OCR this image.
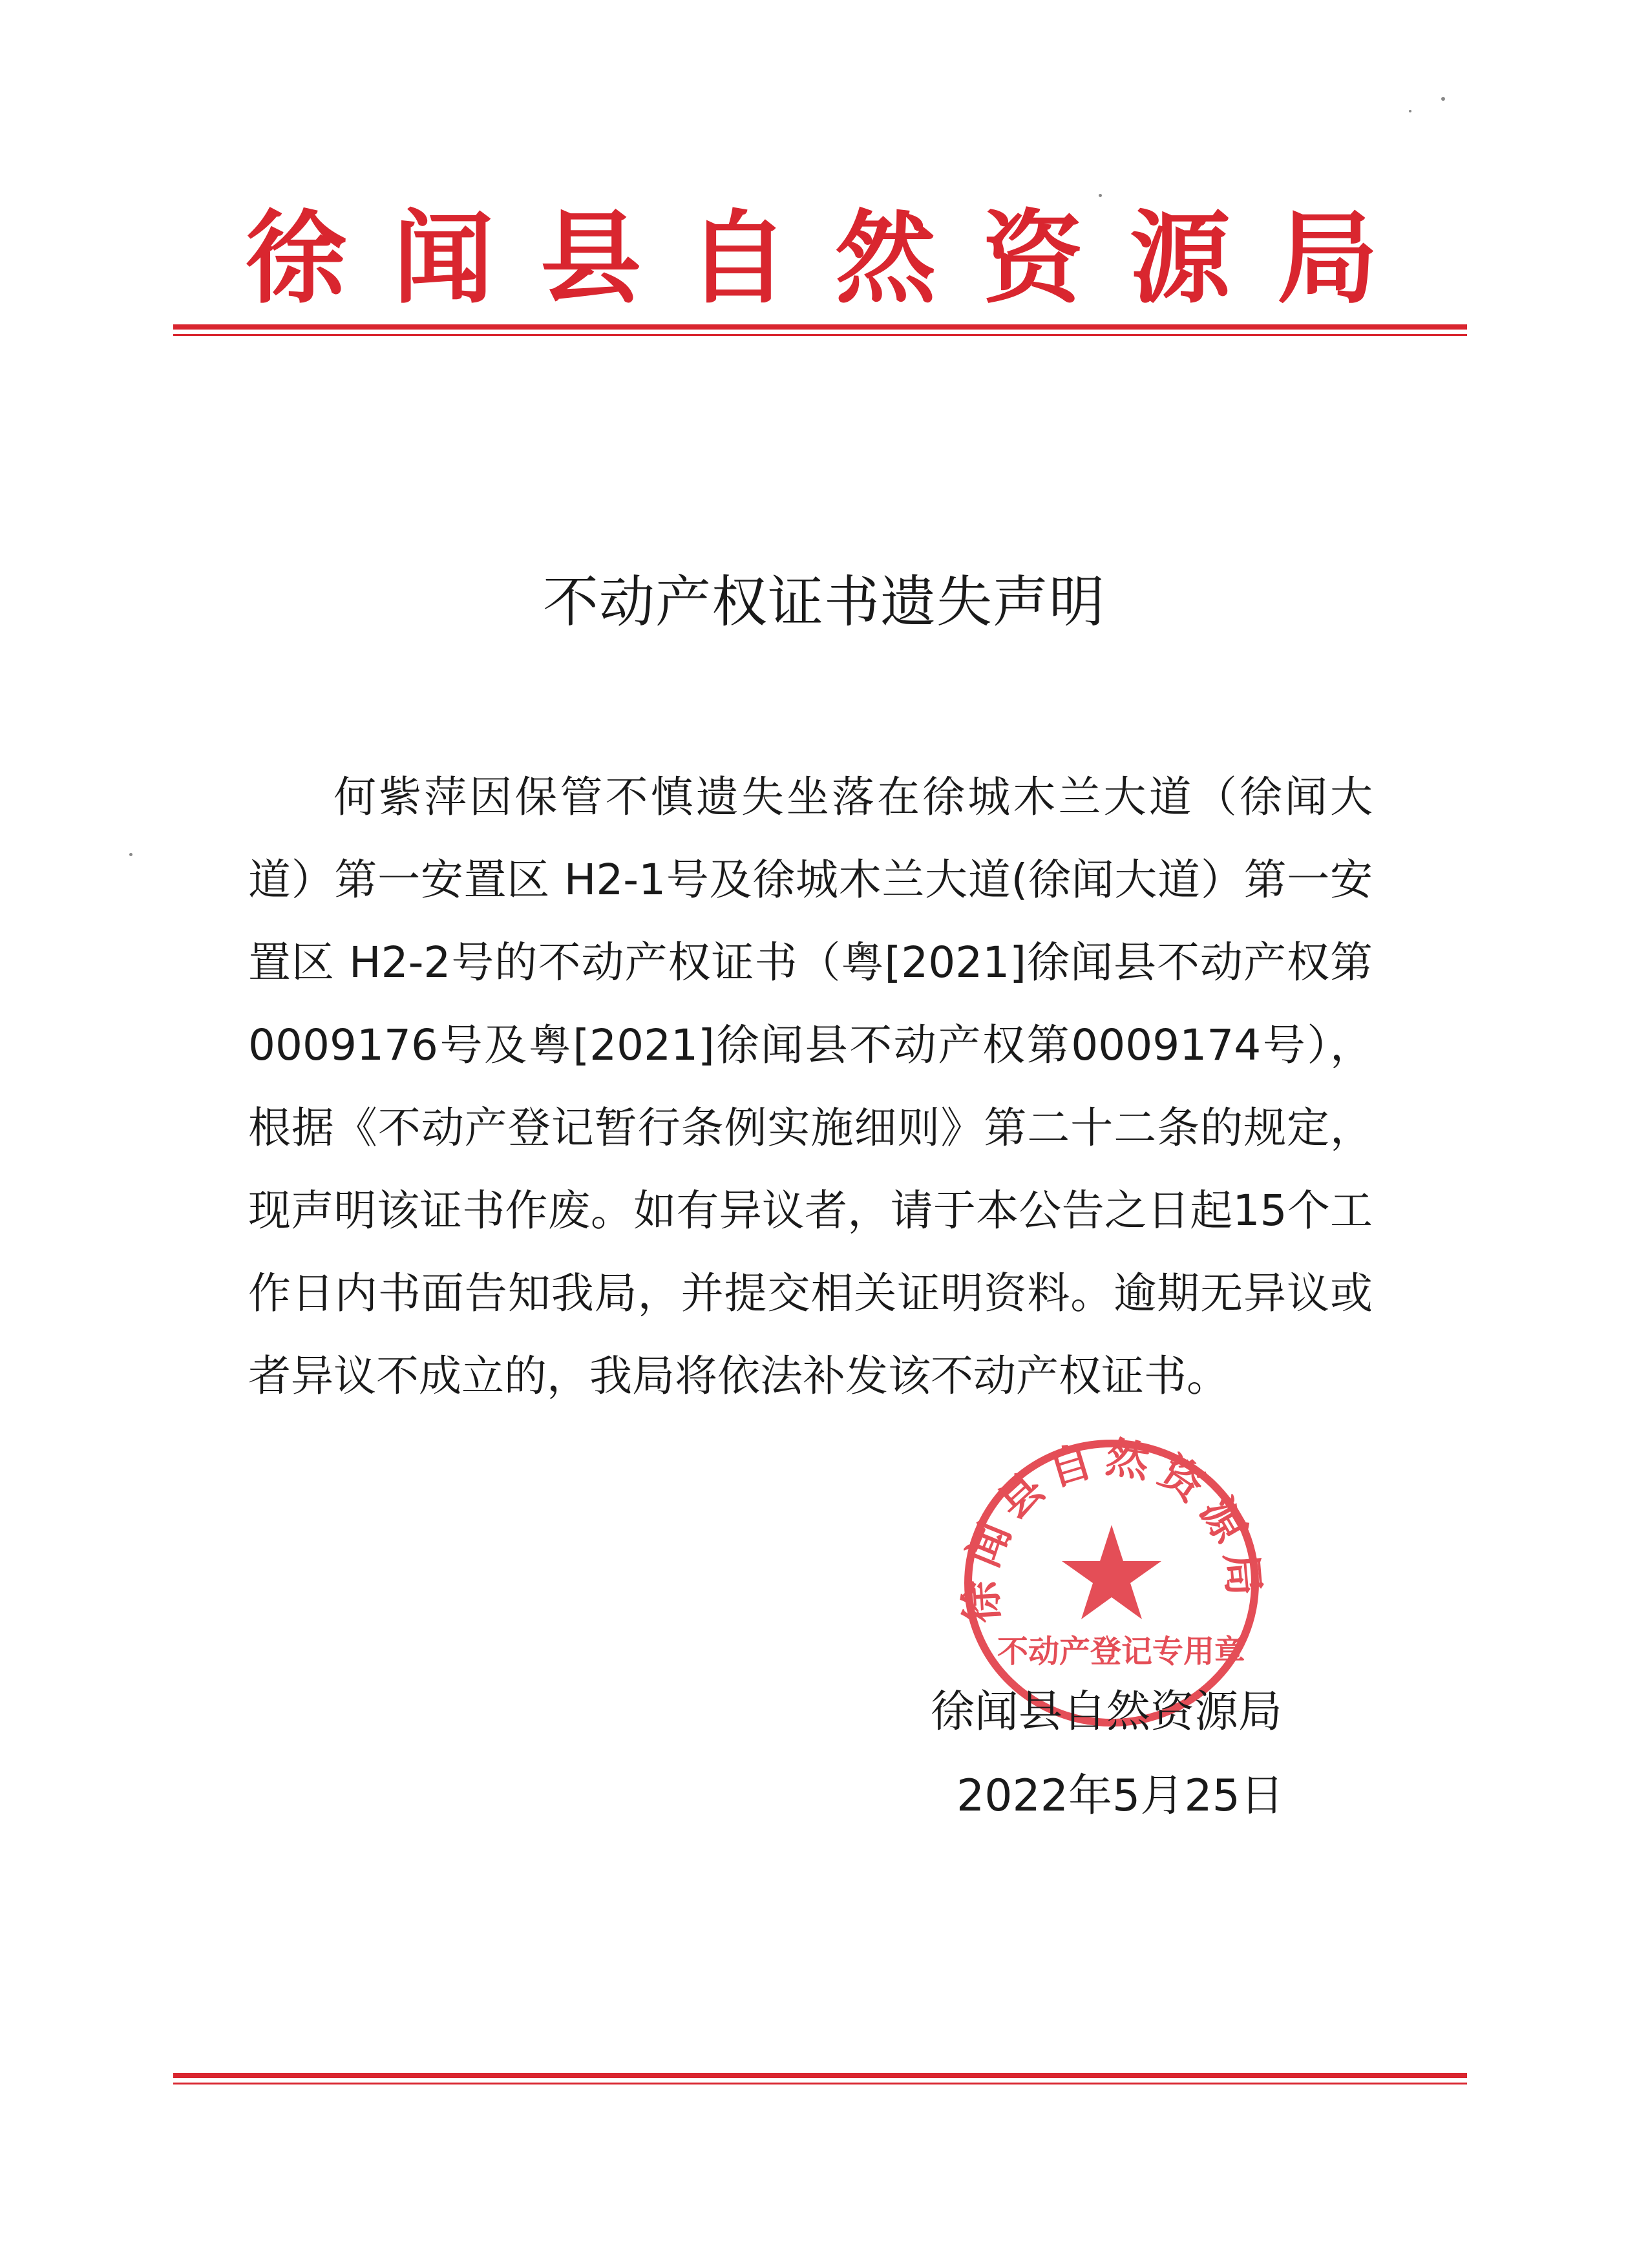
徐闻县自然资源局
不动产权证书遗失声明

何紫萍因保管不慎遗失坐落在徐城木兰大道（徐闻大道）第一安置区 H2-1号及徐城木兰大道(徐闻大道）第一安置区 H2-2号的不动产权证书（粤[2021]徐闻县不动产权第0009176号及粤[2021]徐闻县不动产权第0009174号），根据《不动产登记暂行条例实施细则》第二十二条的规定，现声明该证书作废。如有异议者，请于本公告之日起15个工作日内书面告知我局，并提交相关证明资料。逾期无异议或者异议不成立的，我局将依法补发该不动产权证书。

徐闻县自然资源局
不动产登记专用章
徐闻县自然资源局
2022年5月25日
